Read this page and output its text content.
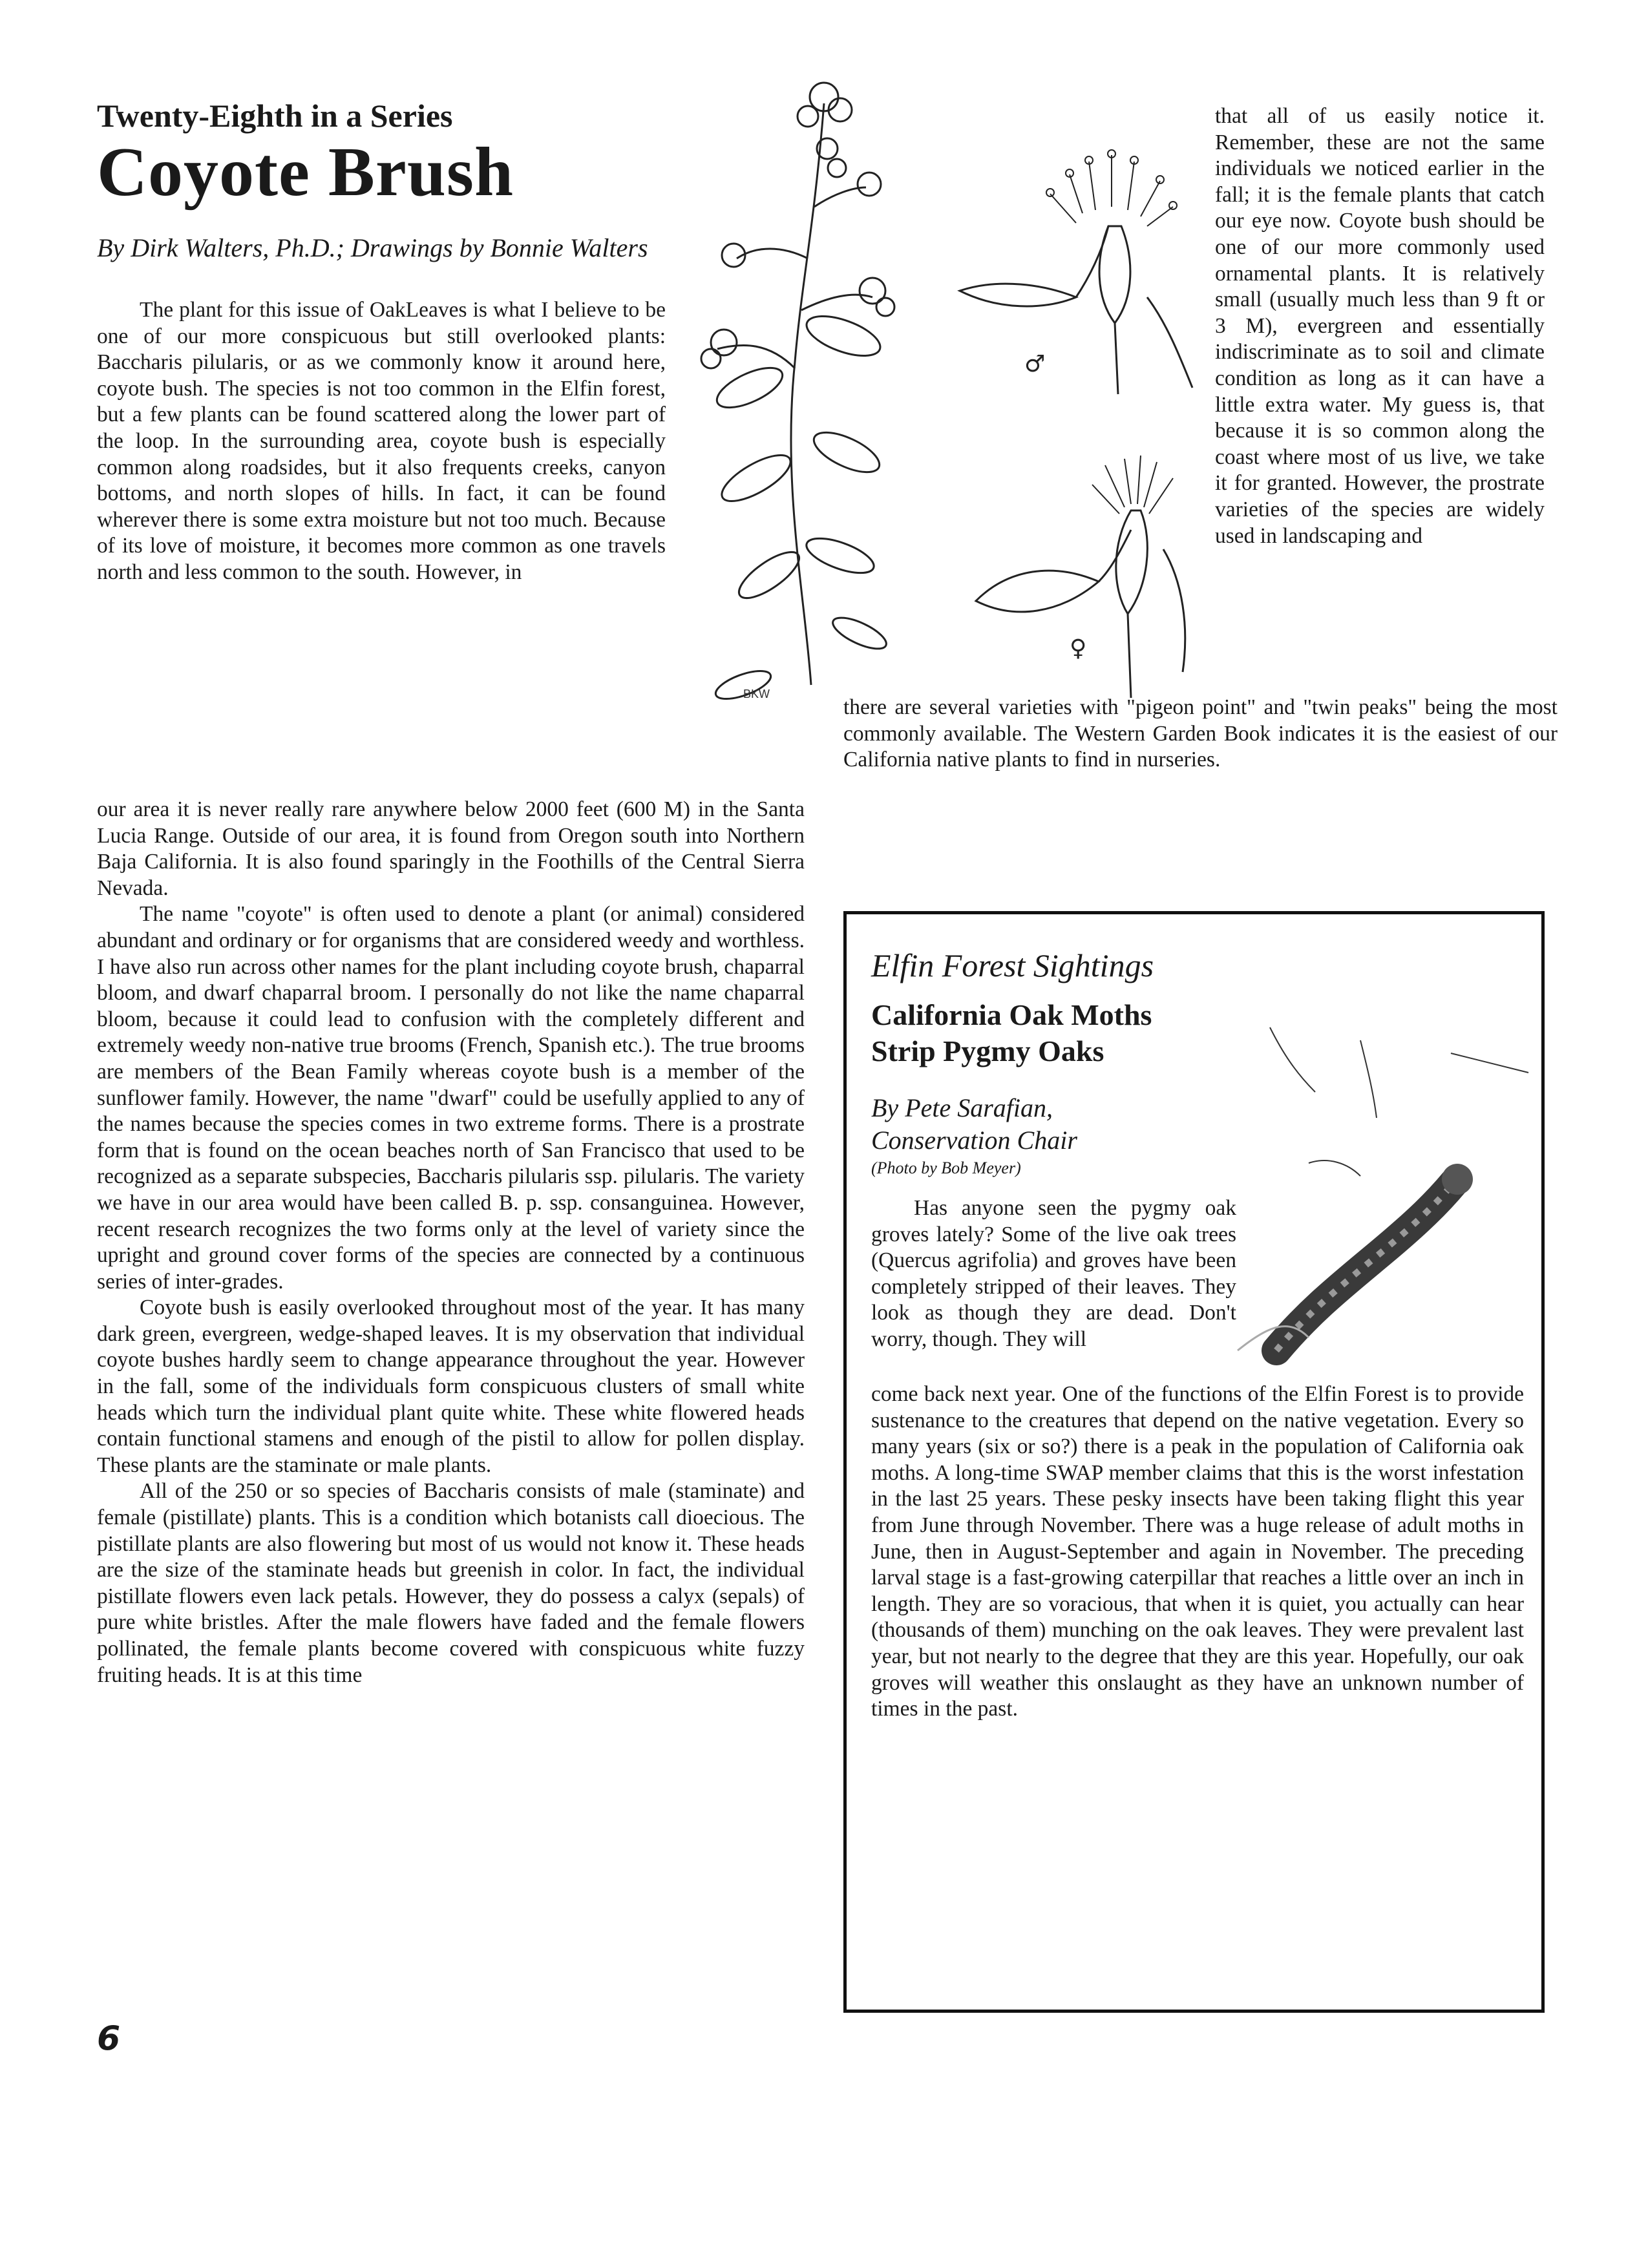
Twenty-Eighth in a Series
Coyote Brush
By Dirk Walters, Ph.D.; Drawings by Bonnie Walters
BKW
♂
♀

The plant for this issue of OakLeaves is what I believe to be one of our more conspicuous but still overlooked plants: Baccharis pilularis, or as we commonly know it around here, coyote bush. The species is not too common in the Elfin forest, but a few plants can be found scattered along the lower part of the loop. In the surrounding area, coyote bush is especially common along roadsides, but it also frequents creeks, canyon bottoms, and north slopes of hills. In fact, it can be found wherever there is some extra moisture but not too much. Because of its love of moisture, it becomes more common as one travels north and less common to the south. However, in

our area it is never really rare anywhere below 2000 feet (600 M) in the Santa Lucia Range. Outside of our area, it is found from Oregon south into Northern Baja California. It is also found sparingly in the Foothills of the Central Sierra Nevada.

The name "coyote" is often used to denote a plant (or animal) considered abundant and ordinary or for organisms that are considered weedy and worthless. I have also run across other names for the plant including coyote brush, chaparral bloom, and dwarf chaparral broom. I personally do not like the name chaparral bloom, because it could lead to confusion with the completely different and extremely weedy non-native true brooms (French, Spanish etc.). The true brooms are members of the Bean Family whereas coyote bush is a member of the sunflower family. However, the name "dwarf" could be usefully applied to any of the names because the species comes in two extreme forms. There is a prostrate form that is found on the ocean beaches north of San Francisco that used to be recognized as a separate subspecies, Baccharis pilularis ssp. pilularis. The variety we have in our area would have been called B. p. ssp. consanguinea. However, recent research recognizes the two forms only at the level of variety since the upright and ground cover forms of the species are connected by a continuous series of inter-grades.

Coyote bush is easily overlooked throughout most of the year. It has many dark green, evergreen, wedge-shaped leaves. It is my observation that individual coyote bushes hardly seem to change appearance throughout the year. However in the fall, some of the individuals form conspicuous clusters of small white heads which turn the individual plant quite white. These white flowered heads contain functional stamens and enough of the pistil to allow for pollen display. These plants are the staminate or male plants.

All of the 250 or so species of Baccharis consists of male (staminate) and female (pistillate) plants. This is a condition which botanists call dioecious. The pistillate plants are also flowering but most of us would not know it. These heads are the size of the staminate heads but greenish in color. In fact, the individual pistillate flowers even lack petals. However, they do possess a calyx (sepals) of pure white bristles. After the male flowers have faded and the female flowers pollinated, the female plants become covered with conspicuous white fuzzy fruiting heads. It is at this time

that all of us easily notice it. Remember, these are not the same individuals we noticed earlier in the fall; it is the female plants that catch our eye now. Coyote bush should be one of our more commonly used ornamental plants. It is relatively small (usually much less than 9 ft or 3 M), evergreen and essentially indiscriminate as to soil and climate condition as long as it can have a little extra water. My guess is, that because it is so common along the coast where most of us live, we take it for granted. However, the prostrate varieties of the species are widely used in landscaping and

there are several varieties with "pigeon point" and "twin peaks" being the most commonly available. The Western Garden Book indicates it is the easiest of our California native plants to find in nurseries.

Elfin Forest Sightings
California Oak Moths
Strip Pygmy Oaks
By Pete Sarafian,
Conservation Chair
(Photo by Bob Meyer)

Has anyone seen the pygmy oak groves lately? Some of the live oak trees (Quercus agrifolia) and groves have been completely stripped of their leaves. They look as though they are dead. Don't worry, though. They will

come back next year. One of the functions of the Elfin Forest is to provide sustenance to the creatures that depend on the native vegetation. Every so many years (six or so?) there is a peak in the population of California oak moths. A long-time SWAP member claims that this is the worst infestation in the last 25 years. These pesky insects have been taking flight this year from June through November. There was a huge release of adult moths in June, then in August-September and again in November. The preceding larval stage is a fast-growing caterpillar that reaches a little over an inch in length. They are so voracious, that when it is quiet, you actually can hear (thousands of them) munching on the oak leaves. They were prevalent last year, but not nearly to the degree that they are this year. Hopefully, our oak groves will weather this onslaught as they have an unknown number of times in the past.

6
